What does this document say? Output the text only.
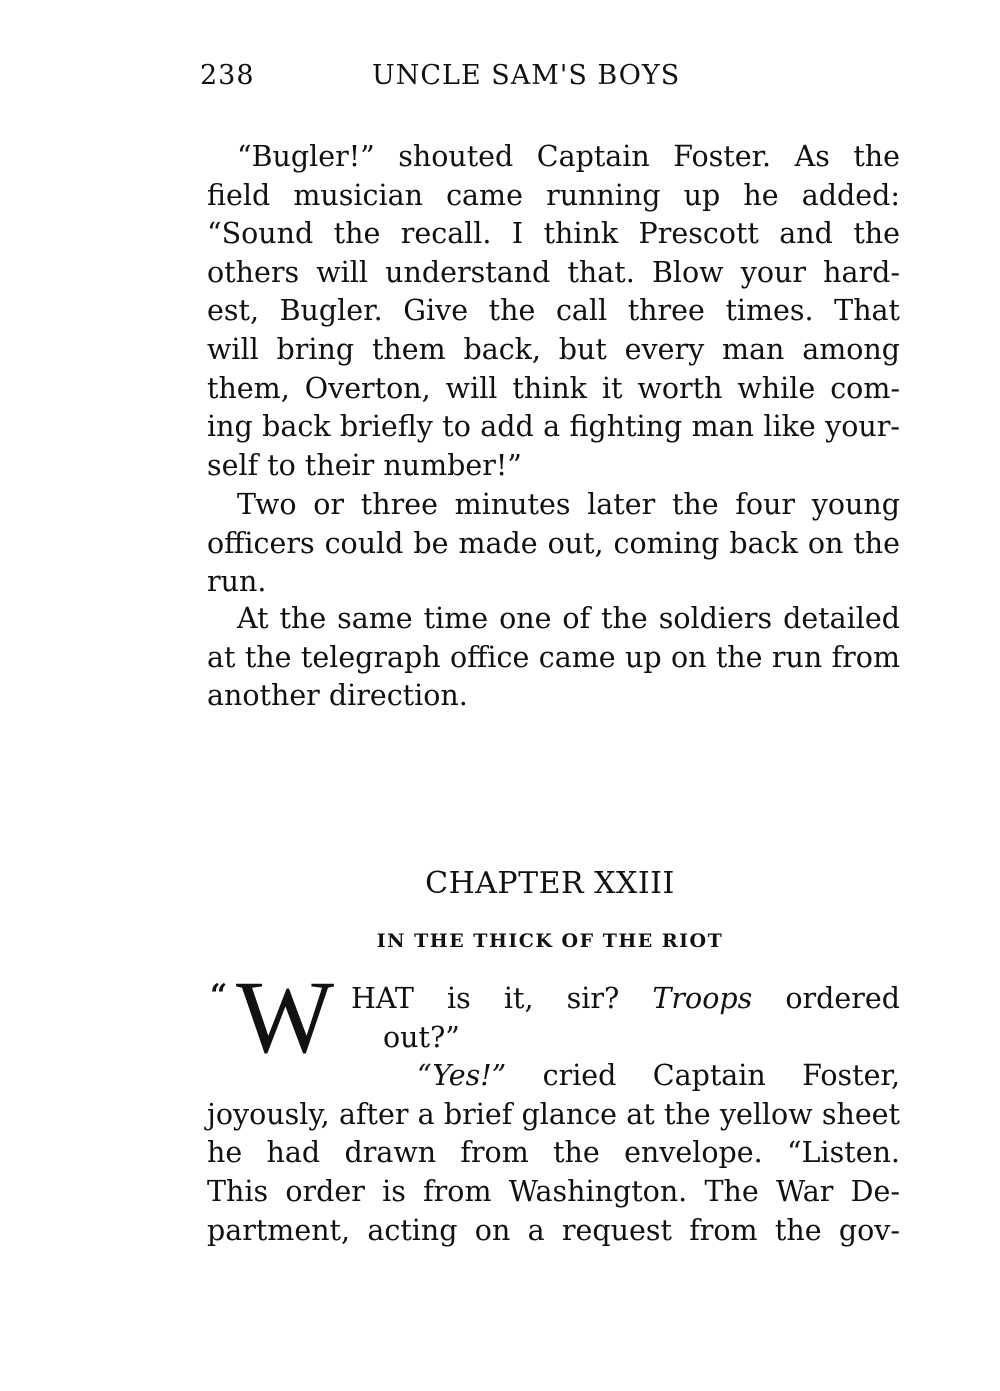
238	UNCLE SAM'S BOYS
“Bugler!” shouted Captain Foster. As the
field musician came running up he added:
“Sound the recall. I think Prescott and the
others will understand that. Blow your hard-
est, Bugler. Give the call three times. That
will bring them back, but every man among
them, Overton, will think it worth while com-
ing back briefly to add a fighting man like your-
self to their number!”
Two or three minutes later the four young
officers could be made out, coming back on the
run.
At the same time one of the soldiers detailed
at the telegraph office came up on the run from
another direction.
CHAPTER XXIII
IN THE THICK OF THE RIOT
“ W HAT is it, sir? Troops ordered
out?”
“Yes!” cried Captain Foster,
joyously, after a brief glance at the yellow sheet
he had drawn from the envelope. “Listen.
This order is from Washington. The War De-
partment, acting on a request from the gov-
